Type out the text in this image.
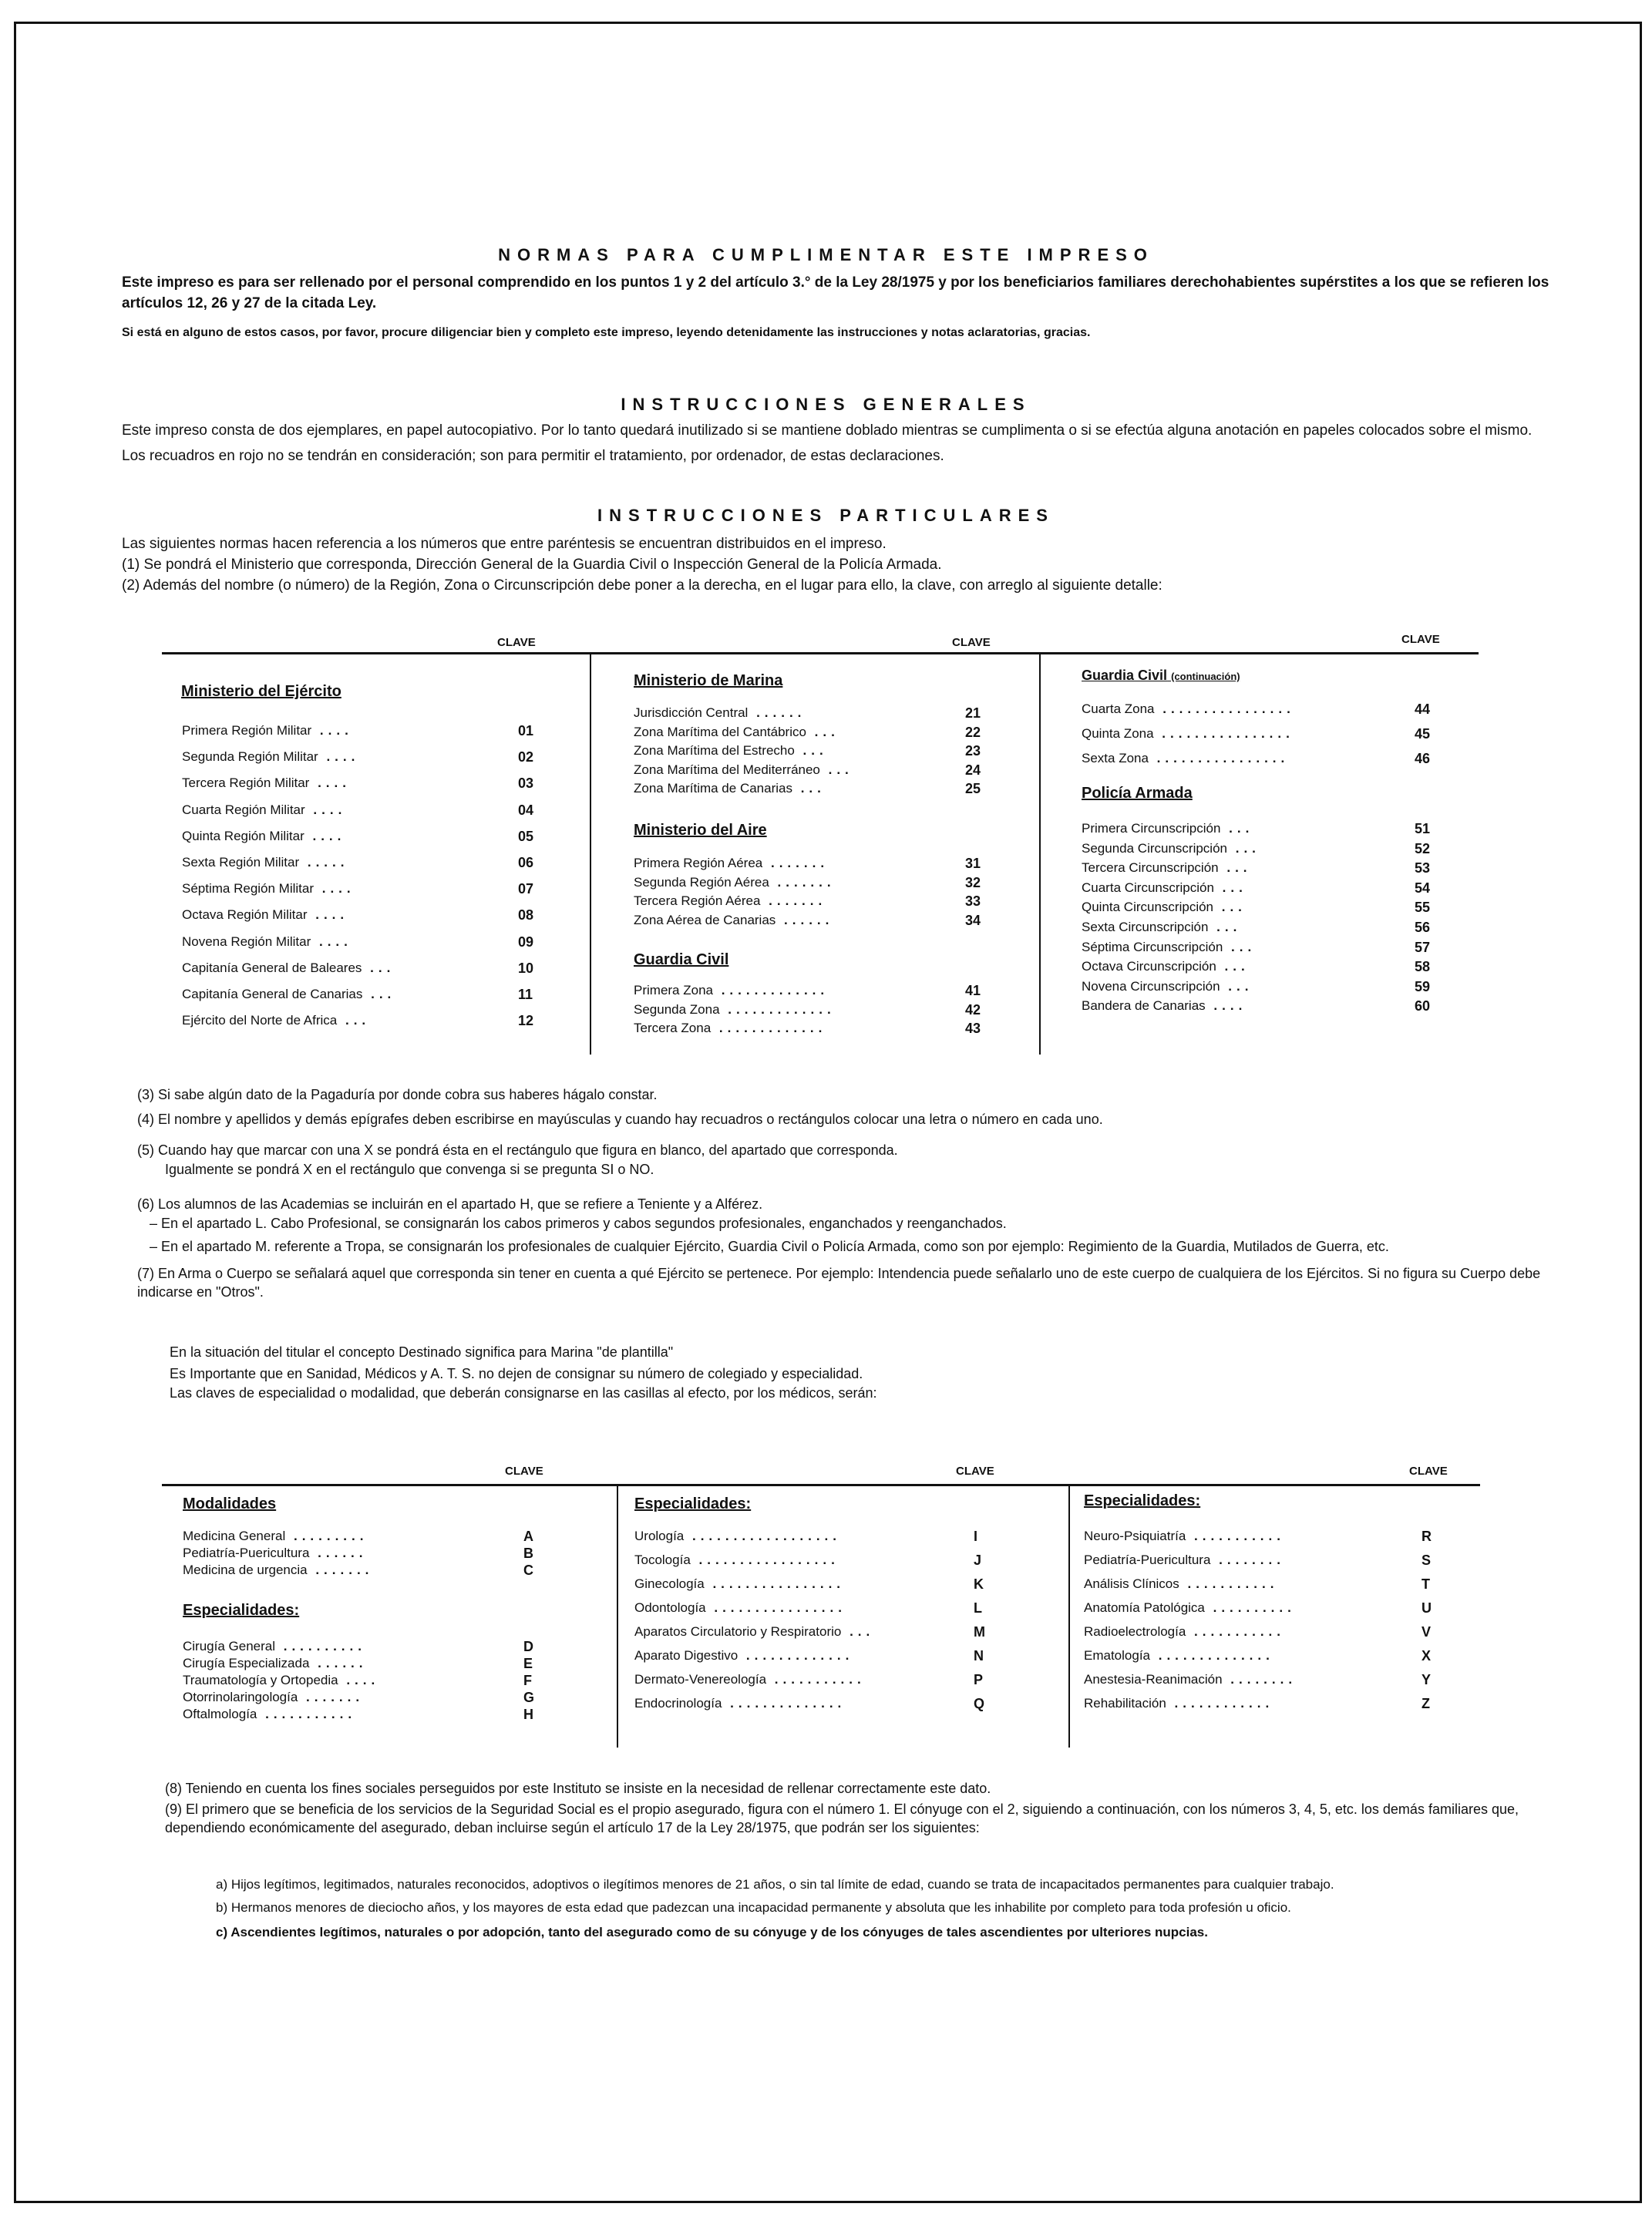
NORMAS PARA CUMPLIMENTAR ESTE IMPRESO
Este impreso es para ser rellenado por el personal comprendido en los puntos 1 y 2 del artículo 3.° de la Ley 28/1975 y por los beneficiarios familiares derechohabientes supérstites a los que se refieren los artículos 12, 26 y 27 de la citada Ley.
Si está en alguno de estos casos, por favor, procure diligenciar bien y completo este impreso, leyendo detenidamente las instrucciones y notas aclaratorias, gracias.
INSTRUCCIONES GENERALES
Este impreso consta de dos ejemplares, en papel autocopiativo. Por lo tanto quedará inutilizado si se mantiene doblado mientras se cumplimenta o si se efectúa alguna anotación en papeles colocados sobre el mismo.
Los recuadros en rojo no se tendrán en consideración; son para permitir el tratamiento, por ordenador, de estas declaraciones.
INSTRUCCIONES PARTICULARES
Las siguientes normas hacen referencia a los números que entre paréntesis se encuentran distribuidos en el impreso.
(1) Se pondrá el Ministerio que corresponda, Dirección General de la Guardia Civil o Inspección General de la Policía Armada.
(2) Además del nombre (o número) de la Región, Zona o Circunscripción debe poner a la derecha, en el lugar para ello, la clave, con arreglo al siguiente detalle:
CLAVE	CLAVE	CLAVE
Ministerio del Ejército
Primera Región Militar ....	01
Segunda Región Militar ....	02
Tercera Región Militar ....	03
Cuarta Región Militar ....	04
Quinta Región Militar ....	05
Sexta Región Militar .....	06
Séptima Región Militar ....	07
Octava Región Militar ....	08
Novena Región Militar ....	09
Capitanía General de Baleares ...	10
Capitanía General de Canarias ...	11
Ejército del Norte de Africa ...	12
Ministerio de Marina
Jurisdicción Central ......	21
Zona Marítima del Cantábrico ...	22
Zona Marítima del Estrecho ...	23
Zona Marítima del Mediterráneo ...	24
Zona Marítima de Canarias ...	25
Ministerio del Aire
Primera Región Aérea .......	31
Segunda Región Aérea .......	32
Tercera Región Aérea .......	33
Zona Aérea de Canarias ......	34
Guardia Civil
Primera Zona .............	41
Segunda Zona .............	42
Tercera Zona .............	43
Guardia Civil (continuación)
Cuarta Zona ................	44
Quinta Zona ................	45
Sexta Zona ................	46
Policía Armada
Primera Circunscripción ...	51
Segunda Circunscripción ...	52
Tercera Circunscripción ...	53
Cuarta Circunscripción ...	54
Quinta Circunscripción ...	55
Sexta Circunscripción ...	56
Séptima Circunscripción ...	57
Octava Circunscripción ...	58
Novena Circunscripción ...	59
Bandera de Canarias ....	60
(3) Si sabe algún dato de la Pagaduría por donde cobra sus haberes hágalo constar.
(4) El nombre y apellidos y demás epígrafes deben escribirse en mayúsculas y cuando hay recuadros o rectángulos colocar una letra o número en cada uno.
(5) Cuando hay que marcar con una X se pondrá ésta en el rectángulo que figura en blanco, del apartado que corresponda.
Igualmente se pondrá X en el rectángulo que convenga si se pregunta SI o NO.
(6) Los alumnos de las Academias se incluirán en el apartado H, que se refiere a Teniente y a Alférez.
– En el apartado L. Cabo Profesional, se consignarán los cabos primeros y cabos segundos profesionales, enganchados y reenganchados.
– En el apartado M. referente a Tropa, se consignarán los profesionales de cualquier Ejército, Guardia Civil o Policía Armada, como son por ejemplo: Regimiento de la Guardia, Mutilados de Guerra, etc.
(7) En Arma o Cuerpo se señalará aquel que corresponda sin tener en cuenta a qué Ejército se pertenece. Por ejemplo: Intendencia puede señalarlo uno de este cuerpo de cualquiera de los Ejércitos. Si no figura su Cuerpo debe indicarse en "Otros".
En la situación del titular el concepto Destinado significa para Marina "de plantilla"
Es Importante que en Sanidad, Médicos y A. T. S. no dejen de consignar su número de colegiado y especialidad.
Las claves de especialidad o modalidad, que deberán consignarse en las casillas al efecto, por los médicos, serán:
CLAVE	CLAVE	CLAVE
Modalidades
Medicina General .........	A
Pediatría-Puericultura ......	B
Medicina de urgencia .......	C
Especialidades:
Cirugía General ..........	D
Cirugía Especializada ......	E
Traumatología y Ortopedia ....	F
Otorrinolaringología .......	G
Oftalmología ...........	H
Especialidades:
Urología ..................	I
Tocología .................	J
Ginecología ................	K
Odontología ................	L
Aparatos Circulatorio y Respiratorio ...	M
Aparato Digestivo .............	N
Dermato-Venereología ...........	P
Endocrinología ..............	Q
Especialidades:
Neuro-Psiquiatría ...........	R
Pediatría-Puericultura ........	S
Análisis Clínicos ...........	T
Anatomía Patológica ..........	U
Radioelectrología ...........	V
Ematología ..............	X
Anestesia-Reanimación ........	Y
Rehabilitación ............	Z
(8) Teniendo en cuenta los fines sociales perseguidos por este Instituto se insiste en la necesidad de rellenar correctamente este dato.
(9) El primero que se beneficia de los servicios de la Seguridad Social es el propio asegurado, figura con el número 1. El cónyuge con el 2, siguiendo a continuación, con los números 3, 4, 5, etc. los demás familiares que, dependiendo económicamente del asegurado, deban incluirse según el artículo 17 de la Ley 28/1975, que podrán ser los siguientes:
a) Hijos legítimos, legitimados, naturales reconocidos, adoptivos o ilegítimos menores de 21 años, o sin tal límite de edad, cuando se trata de incapacitados permanentes para cualquier trabajo.
b) Hermanos menores de dieciocho años, y los mayores de esta edad que padezcan una incapacidad permanente y absoluta que les inhabilite por completo para toda profesión u oficio.
c) Ascendientes legítimos, naturales o por adopción, tanto del asegurado como de su cónyuge y de los cónyuges de tales ascendientes por ulteriores nupcias.
